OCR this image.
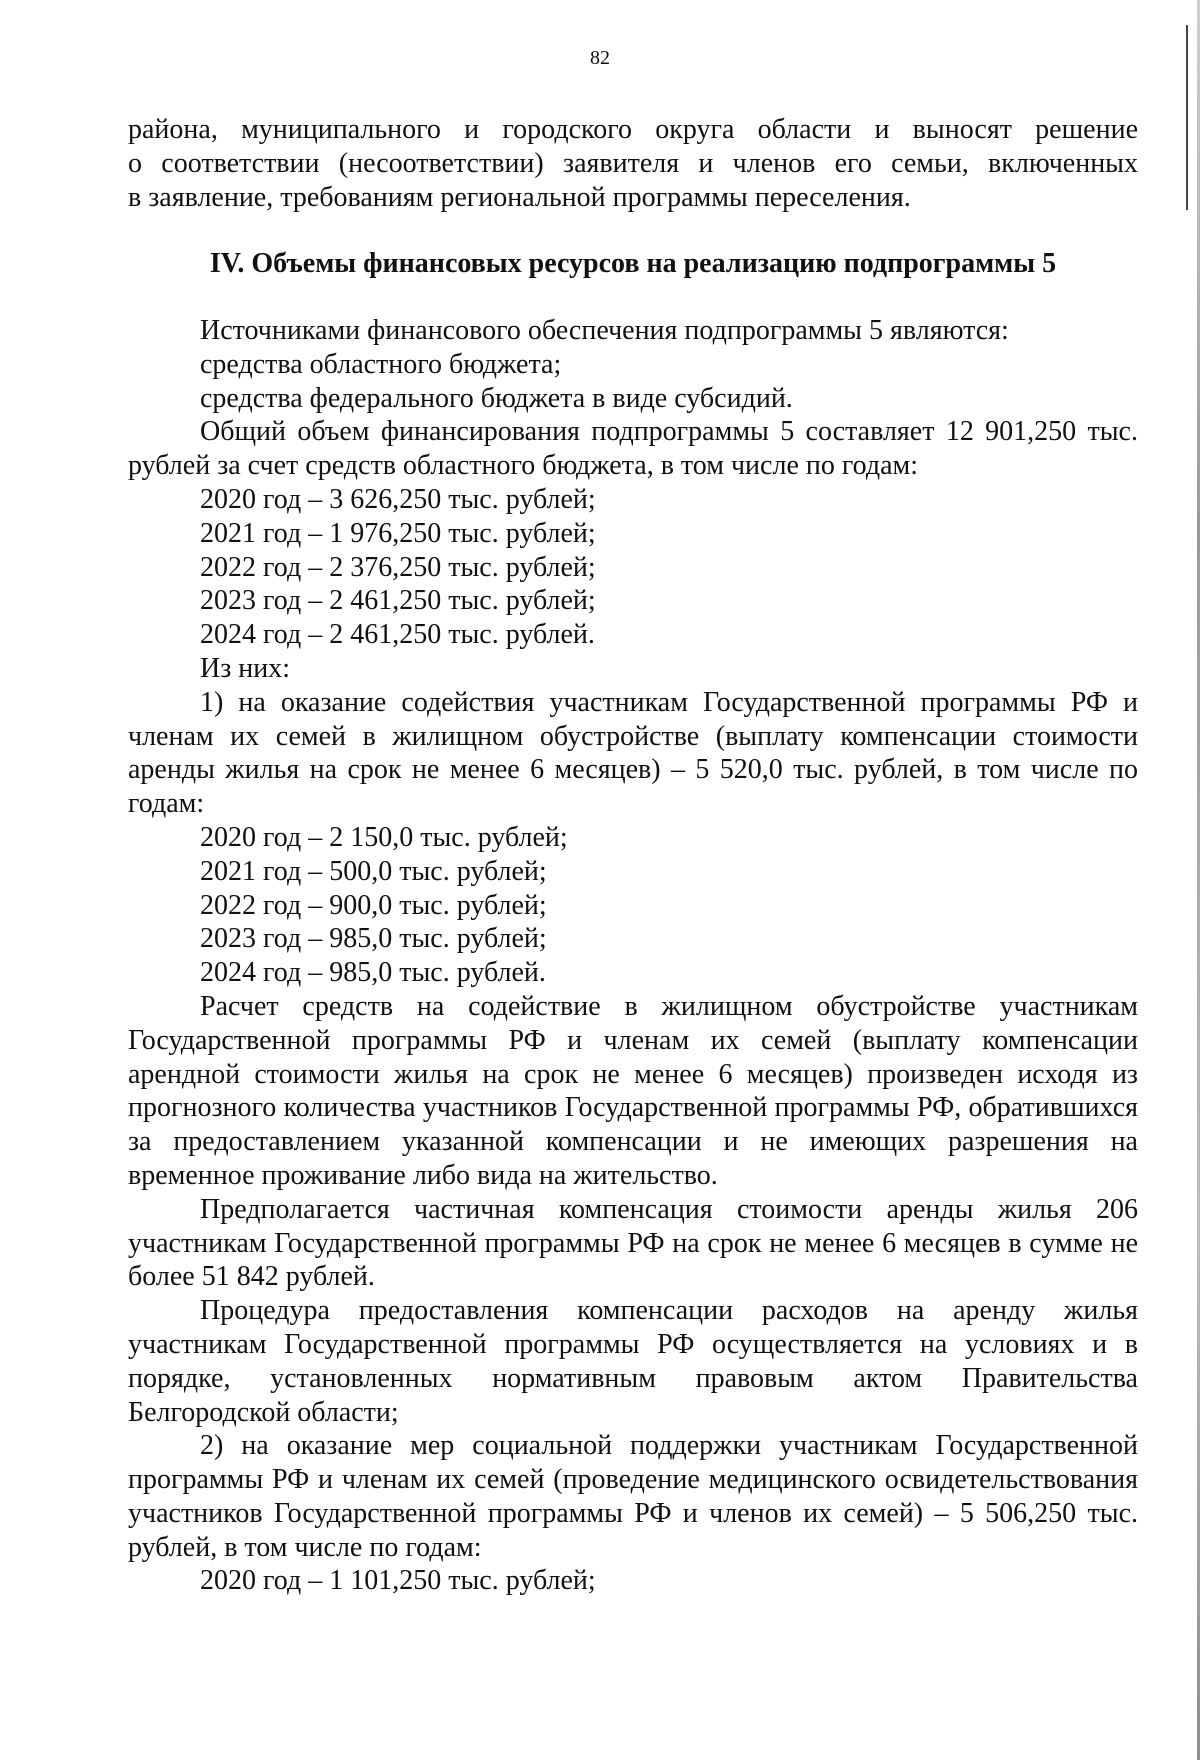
82

района, муниципального и городского округа области и выносят решение

о соответствии (несоответствии) заявителя и членов его семьи, включенных

в заявление, требованиям региональной программы переселения.

IV. Объемы финансовых ресурсов на реализацию подпрограммы 5

Источниками финансового обеспечения подпрограммы 5 являются:

средства областного бюджета;

средства федерального бюджета в виде субсидий.

Общий объем финансирования подпрограммы 5 составляет 12 901,250 тыс. рублей за счет средств областного бюджета, в том числе по годам:

2020 год – 3 626,250 тыс. рублей;

2021 год – 1 976,250 тыс. рублей;

2022 год – 2 376,250 тыс. рублей;

2023 год – 2 461,250 тыс. рублей;

2024 год – 2 461,250 тыс. рублей.

Из них:

1) на оказание содействия участникам Государственной программы РФ и членам их семей в жилищном обустройстве (выплату компенсации стоимости аренды жилья на срок не менее 6 месяцев) – 5 520,0 тыс. рублей, в том числе по годам:

2020 год – 2 150,0 тыс. рублей;

2021 год – 500,0 тыс. рублей;

2022 год – 900,0 тыс. рублей;

2023 год – 985,0 тыс. рублей;

2024 год – 985,0 тыс. рублей.

Расчет средств на содействие в жилищном обустройстве участникам Государственной программы РФ и членам их семей (выплату компенсации арендной стоимости жилья на срок не менее 6 месяцев) произведен исходя из прогнозного количества участников Государственной программы РФ, обратившихся за предоставлением указанной компенсации и не имеющих разрешения на временное проживание либо вида на жительство.

Предполагается частичная компенсация стоимости аренды жилья 206 участникам Государственной программы РФ на срок не менее 6 месяцев в сумме не более 51 842 рублей.

Процедура предоставления компенсации расходов на аренду жилья участникам Государственной программы РФ осуществляется на условиях и в порядке, установленных нормативным правовым актом Правительства Белгородской области;

2) на оказание мер социальной поддержки участникам Государственной программы РФ и членам их семей (проведение медицинского освидетельствования участников Государственной программы РФ и членов их семей) – 5 506,250 тыс. рублей, в том числе по годам:

2020 год – 1 101,250 тыс. рублей;
